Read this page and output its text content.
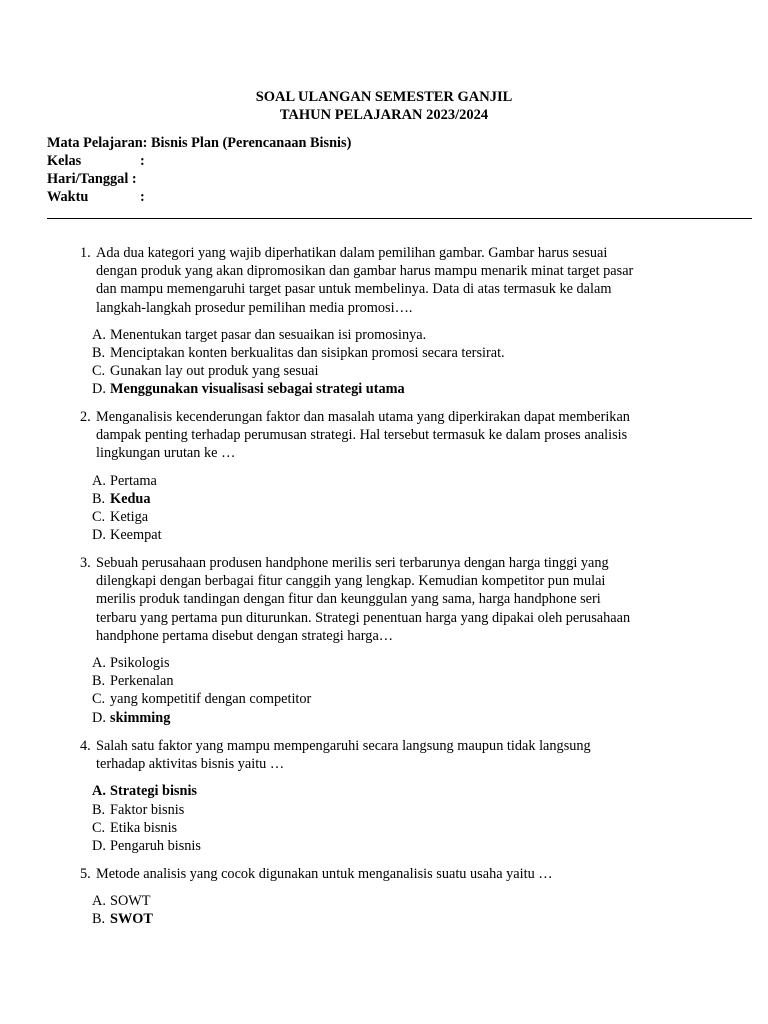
SOAL ULANGAN SEMESTER GANJIL
TAHUN PELAJARAN 2023/2024
Mata Pelajaran: Bisnis Plan (Perencanaan Bisnis)
Kelas	:
Hari/Tanggal :
Waktu	:
1. Ada dua kategori yang wajib diperhatikan dalam pemilihan gambar. Gambar harus sesuai
dengan produk yang akan dipromosikan dan gambar harus mampu menarik minat target pasar
dan mampu memengaruhi target pasar untuk membelinya. Data di atas termasuk ke dalam
langkah-langkah prosedur pemilihan media promosi….
A. Menentukan target pasar dan sesuaikan isi promosinya.
B. Menciptakan konten berkualitas dan sisipkan promosi secara tersirat.
C. Gunakan lay out produk yang sesuai
D. Menggunakan visualisasi sebagai strategi utama
2. Menganalisis kecenderungan faktor dan masalah utama yang diperkirakan dapat memberikan
dampak penting terhadap perumusan strategi. Hal tersebut termasuk ke dalam proses analisis
lingkungan urutan ke …
A. Pertama
B. Kedua
C. Ketiga
D. Keempat
3. Sebuah perusahaan produsen handphone merilis seri terbarunya dengan harga tinggi yang
dilengkapi dengan berbagai fitur canggih yang lengkap. Kemudian kompetitor pun mulai
merilis produk tandingan dengan fitur dan keunggulan yang sama, harga handphone seri
terbaru yang pertama pun diturunkan. Strategi penentuan harga yang dipakai oleh perusahaan
handphone pertama disebut dengan strategi harga…
A. Psikologis
B. Perkenalan
C. yang kompetitif dengan competitor
D. skimming
4. Salah satu faktor yang mampu mempengaruhi secara langsung maupun tidak langsung
terhadap aktivitas bisnis yaitu …
A. Strategi bisnis
B. Faktor bisnis
C. Etika bisnis
D. Pengaruh bisnis
5. Metode analisis yang cocok digunakan untuk menganalisis suatu usaha yaitu …
A. SOWT
B. SWOT
